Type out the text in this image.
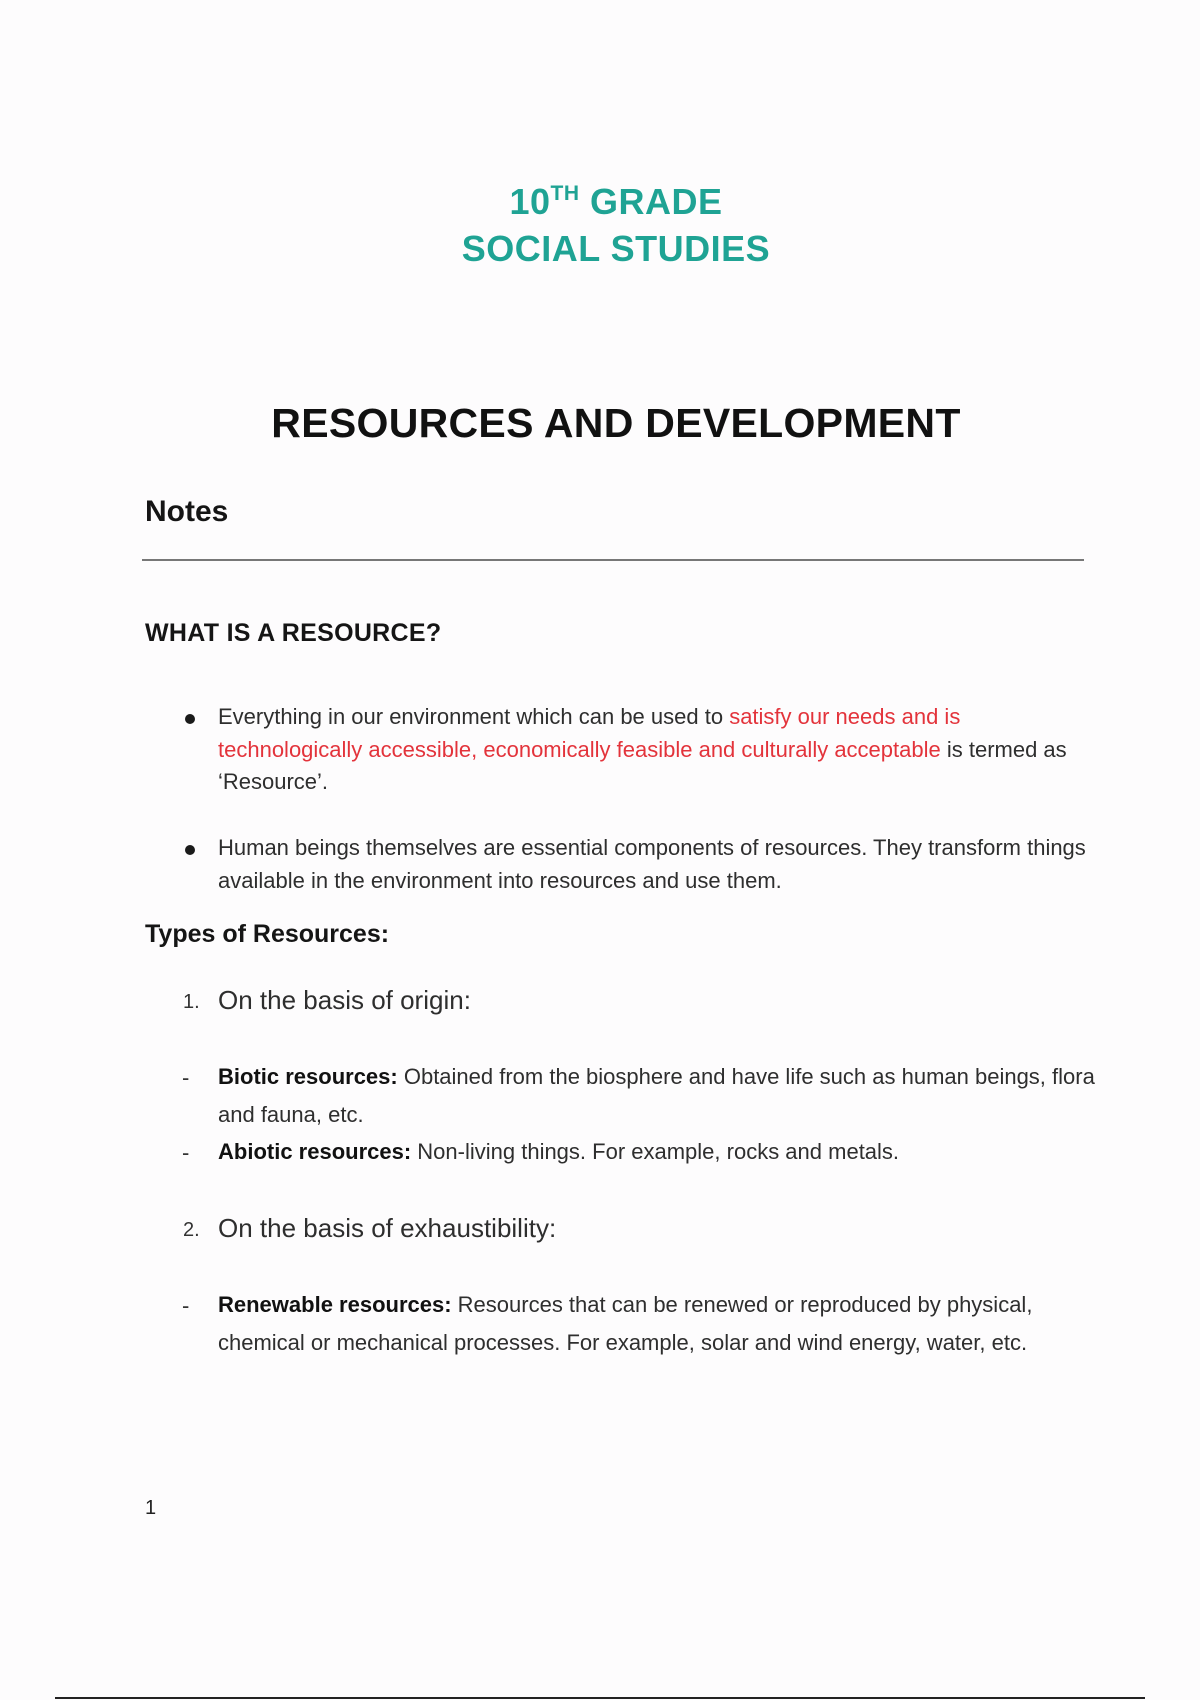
10TH GRADE
SOCIAL STUDIES
RESOURCES AND DEVELOPMENT
Notes
WHAT IS A RESOURCE?
Everything in our environment which can be used to satisfy our needs and is technologically accessible, economically feasible and culturally acceptable is termed as ‘Resource’.
Human beings themselves are essential components of resources. They transform things available in the environment into resources and use them.
Types of Resources:
1. On the basis of origin:
- Biotic resources: Obtained from the biosphere and have life such as human beings, flora and fauna, etc.
- Abiotic resources: Non-living things. For example, rocks and metals.
2. On the basis of exhaustibility:
- Renewable resources: Resources that can be renewed or reproduced by physical, chemical or mechanical processes. For example, solar and wind energy, water, etc.
1
